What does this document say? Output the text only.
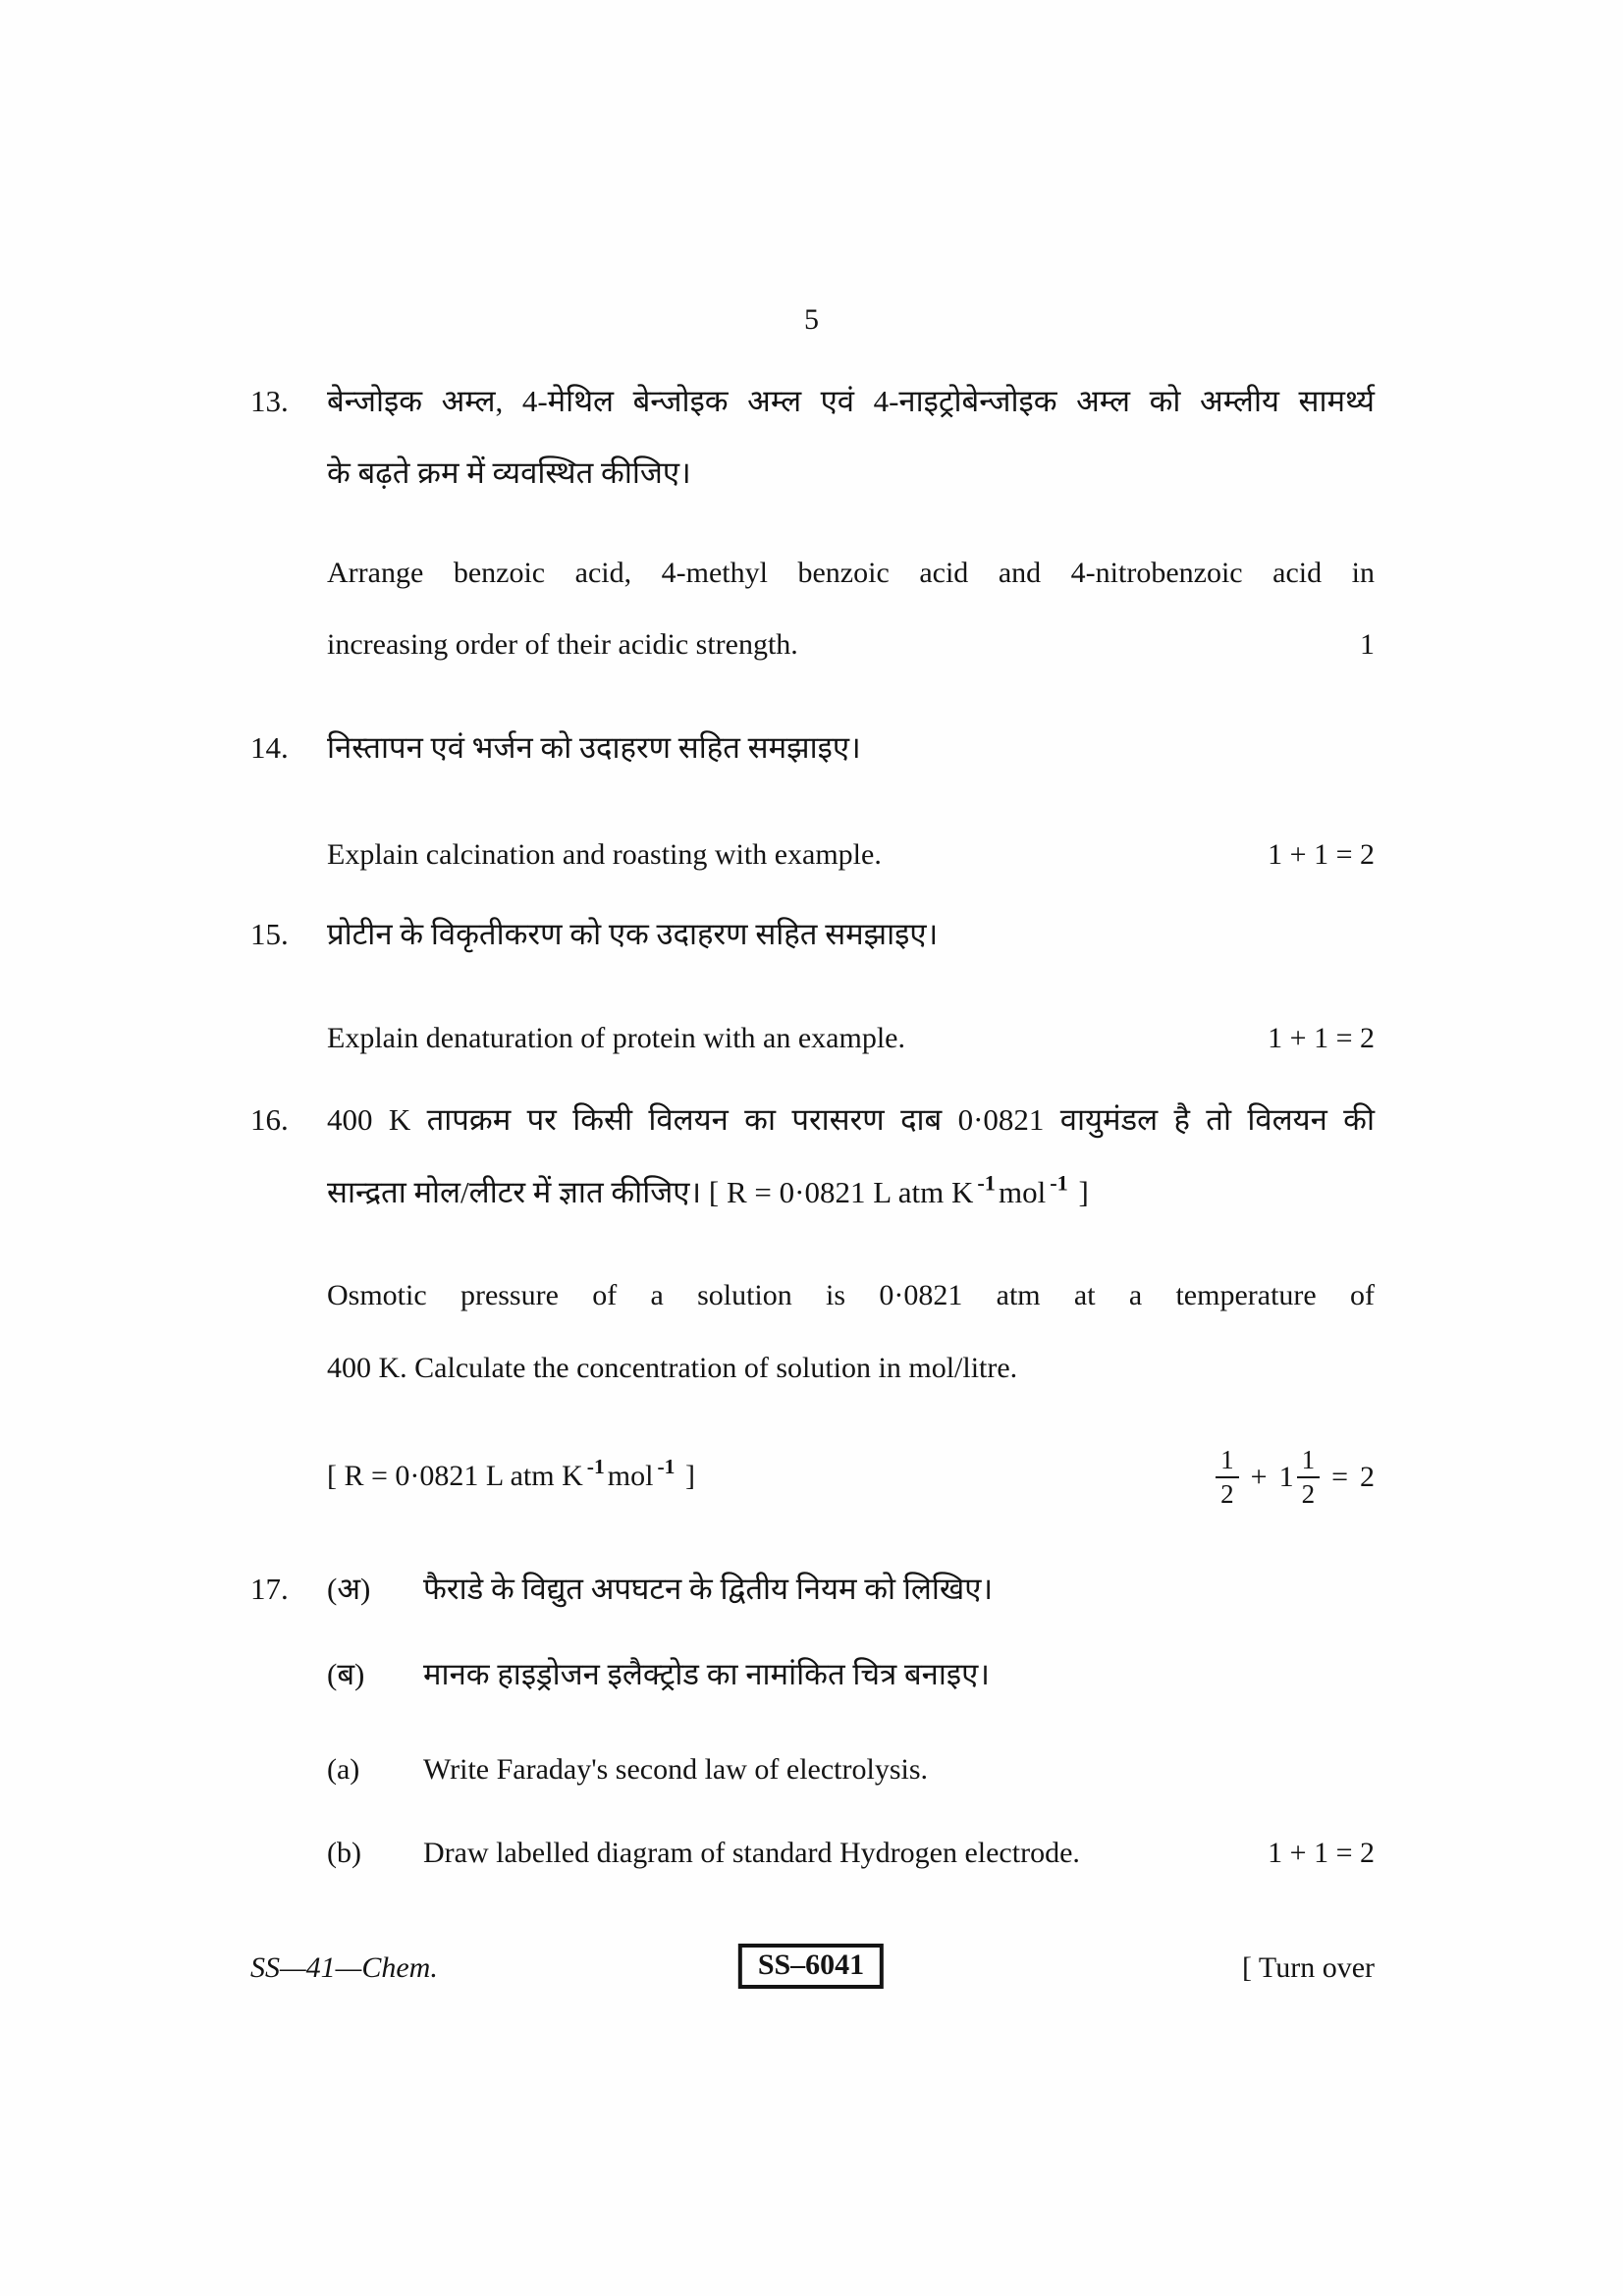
5
13.	बेन्जोइक अम्ल, 4-मेथिल बेन्जोइक अम्ल एवं 4-नाइट्रोबेन्जोइक अम्ल को अम्लीय सामर्थ्य
के बढ़ते क्रम में व्यवस्थित कीजिए।
Arrange benzoic acid, 4-methyl benzoic acid and 4-nitrobenzoic acid in
increasing order of their acidic strength.	1
14.	निस्तापन एवं भर्जन को उदाहरण सहित समझाइए।
Explain calcination and roasting with example.	1 + 1 = 2
15.	प्रोटीन के विकृतीकरण को एक उदाहरण सहित समझाइए।
Explain denaturation of protein with an example.	1 + 1 = 2
16.	400 K तापक्रम पर किसी विलयन का परासरण दाब 0·0821 वायुमंडल है तो विलयन की
सान्द्रता मोल/लीटर में ज्ञात कीजिए। [ R = 0·0821 L atm K -1mol -1 ]
Osmotic pressure of a solution is 0·0821 atm at a temperature of
400 K. Calculate the concentration of solution in mol/litre.
[ R = 0·0821 L atm K -1 mol -1 ]	$\frac{1}{2} + 1 \frac{1}{2} = 2$
17.	(अ)	फैराडे के विद्युत अपघटन के द्वितीय नियम को लिखिए।
(ब)	मानक हाइड्रोजन इलैक्ट्रोड का नामांकित चित्र बनाइए।
(a)	Write Faraday's second law of electrolysis.
(b)	Draw labelled diagram of standard Hydrogen electrode.	1 + 1 = 2
SS—41—Chem.	SS–6041	[ Turn over
